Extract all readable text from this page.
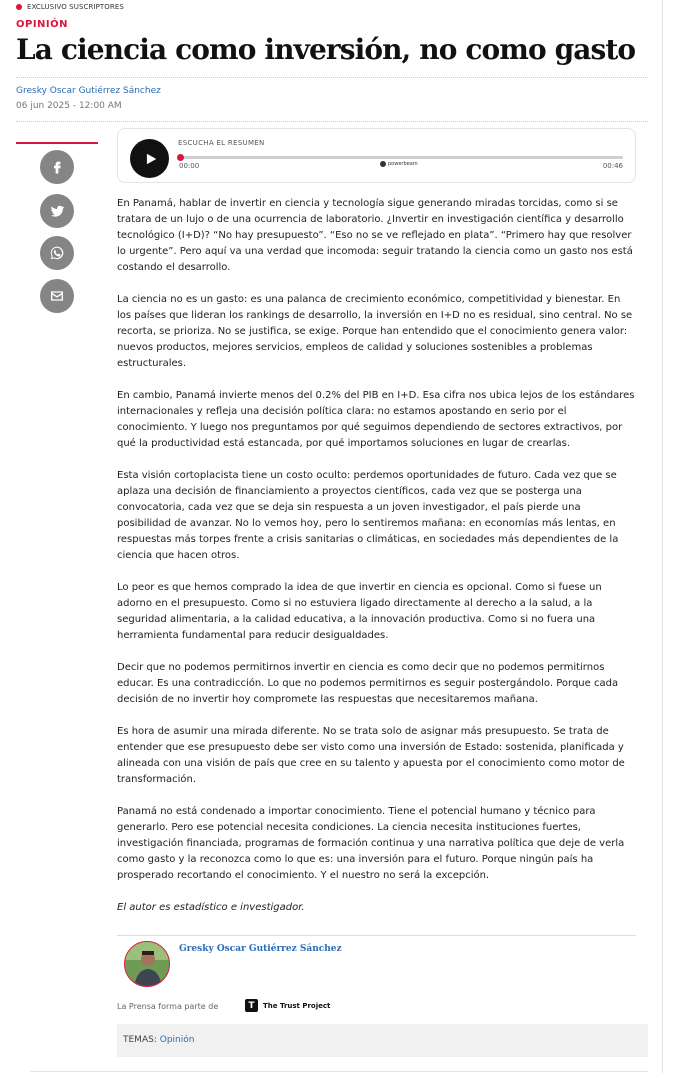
EXCLUSIVO SUSCRIPTORES
OPINIÓN
La ciencia como inversión, no como gasto
Gresky Oscar Gutiérrez Sánchez
06 jun 2025 - 12:00 AM
ESCUCHA EL RESUMEN
00:00	powerbeam	00:46

En Panamá, hablar de invertir en ciencia y tecnología sigue generando miradas torcidas, como si se tratara de un lujo o de una ocurrencia de laboratorio. ¿Invertir en investigación científica y desarrollo tecnológico (I+D)? “No hay presupuesto”. “Eso no se ve reflejado en plata”. “Primero hay que resolver lo urgente”. Pero aquí va una verdad que incomoda: seguir tratando la ciencia como un gasto nos está costando el desarrollo.

La ciencia no es un gasto: es una palanca de crecimiento económico, competitividad y bienestar. En los países que lideran los rankings de desarrollo, la inversión en I+D no es residual, sino central. No se recorta, se prioriza. No se justifica, se exige. Porque han entendido que el conocimiento genera valor: nuevos productos, mejores servicios, empleos de calidad y soluciones sostenibles a problemas estructurales.

En cambio, Panamá invierte menos del 0.2% del PIB en I+D. Esa cifra nos ubica lejos de los estándares internacionales y refleja una decisión política clara: no estamos apostando en serio por el conocimiento. Y luego nos preguntamos por qué seguimos dependiendo de sectores extractivos, por qué la productividad está estancada, por qué importamos soluciones en lugar de crearlas.

Esta visión cortoplacista tiene un costo oculto: perdemos oportunidades de futuro. Cada vez que se aplaza una decisión de financiamiento a proyectos científicos, cada vez que se posterga una convocatoria, cada vez que se deja sin respuesta a un joven investigador, el país pierde una posibilidad de avanzar. No lo vemos hoy, pero lo sentiremos mañana: en economías más lentas, en respuestas más torpes frente a crisis sanitarias o climáticas, en sociedades más dependientes de la ciencia que hacen otros.

Lo peor es que hemos comprado la idea de que invertir en ciencia es opcional. Como si fuese un adorno en el presupuesto. Como si no estuviera ligado directamente al derecho a la salud, a la seguridad alimentaria, a la calidad educativa, a la innovación productiva. Como si no fuera una herramienta fundamental para reducir desigualdades.

Decir que no podemos permitirnos invertir en ciencia es como decir que no podemos permitirnos educar. Es una contradicción. Lo que no podemos permitirnos es seguir postergándolo. Porque cada decisión de no invertir hoy compromete las respuestas que necesitaremos mañana.

Es hora de asumir una mirada diferente. No se trata solo de asignar más presupuesto. Se trata de entender que ese presupuesto debe ser visto como una inversión de Estado: sostenida, planificada y alineada con una visión de país que cree en su talento y apuesta por el conocimiento como motor de transformación.

Panamá no está condenado a importar conocimiento. Tiene el potencial humano y técnico para generarlo. Pero ese potencial necesita condiciones. La ciencia necesita instituciones fuertes, investigación financiada, programas de formación continua y una narrativa política que deje de verla como gasto y la reconozca como lo que es: una inversión para el futuro. Porque ningún país ha prosperado recortando el conocimiento. Y el nuestro no será la excepción.

El autor es estadístico e investigador.

Gresky Oscar Gutiérrez Sánchez
La Prensa forma parte de	T	The Trust Project
TEMAS: Opinión
